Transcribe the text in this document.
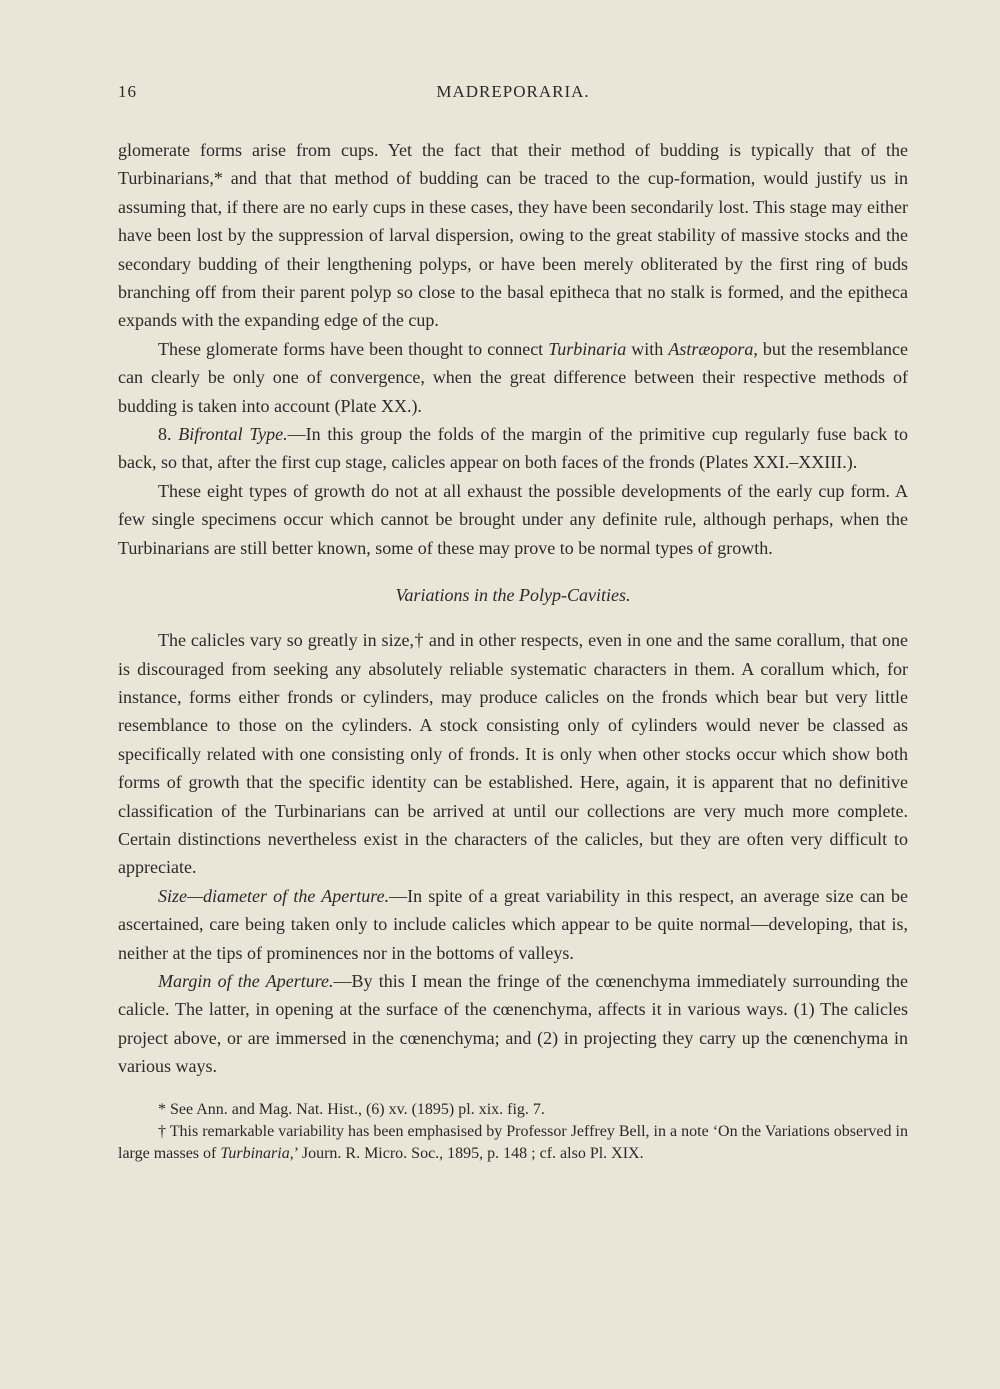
16	MADREPORARIA.

glomerate forms arise from cups. Yet the fact that their method of budding is typically that of the Turbinarians,* and that that method of budding can be traced to the cup-formation, would justify us in assuming that, if there are no early cups in these cases, they have been secondarily lost. This stage may either have been lost by the suppression of larval dispersion, owing to the great stability of massive stocks and the secondary budding of their lengthening polyps, or have been merely obliterated by the first ring of buds branching off from their parent polyp so close to the basal epitheca that no stalk is formed, and the epitheca expands with the expanding edge of the cup.

These glomerate forms have been thought to connect Turbinaria with Astræopora, but the resemblance can clearly be only one of convergence, when the great difference between their respective methods of budding is taken into account (Plate XX.).

8. Bifrontal Type.—In this group the folds of the margin of the primitive cup regularly fuse back to back, so that, after the first cup stage, calicles appear on both faces of the fronds (Plates XXI.–XXIII.).

These eight types of growth do not at all exhaust the possible developments of the early cup form. A few single specimens occur which cannot be brought under any definite rule, although perhaps, when the Turbinarians are still better known, some of these may prove to be normal types of growth.

Variations in the Polyp-Cavities.

The calicles vary so greatly in size,† and in other respects, even in one and the same corallum, that one is discouraged from seeking any absolutely reliable systematic characters in them. A corallum which, for instance, forms either fronds or cylinders, may produce calicles on the fronds which bear but very little resemblance to those on the cylinders. A stock consisting only of cylinders would never be classed as specifically related with one consisting only of fronds. It is only when other stocks occur which show both forms of growth that the specific identity can be established. Here, again, it is apparent that no definitive classification of the Turbinarians can be arrived at until our collections are very much more complete. Certain distinctions nevertheless exist in the characters of the calicles, but they are often very difficult to appreciate.

Size—diameter of the Aperture.—In spite of a great variability in this respect, an average size can be ascertained, care being taken only to include calicles which appear to be quite normal—developing, that is, neither at the tips of prominences nor in the bottoms of valleys.

Margin of the Aperture.—By this I mean the fringe of the cœnenchyma immediately surrounding the calicle. The latter, in opening at the surface of the cœnenchyma, affects it in various ways. (1) The calicles project above, or are immersed in the cœnenchyma; and (2) in projecting they carry up the cœnenchyma in various ways.

* See Ann. and Mag. Nat. Hist., (6) xv. (1895) pl. xix. fig. 7.

† This remarkable variability has been emphasised by Professor Jeffrey Bell, in a note ‘On the Variations observed in large masses of Turbinaria,’ Journ. R. Micro. Soc., 1895, p. 148 ; cf. also Pl. XIX.
